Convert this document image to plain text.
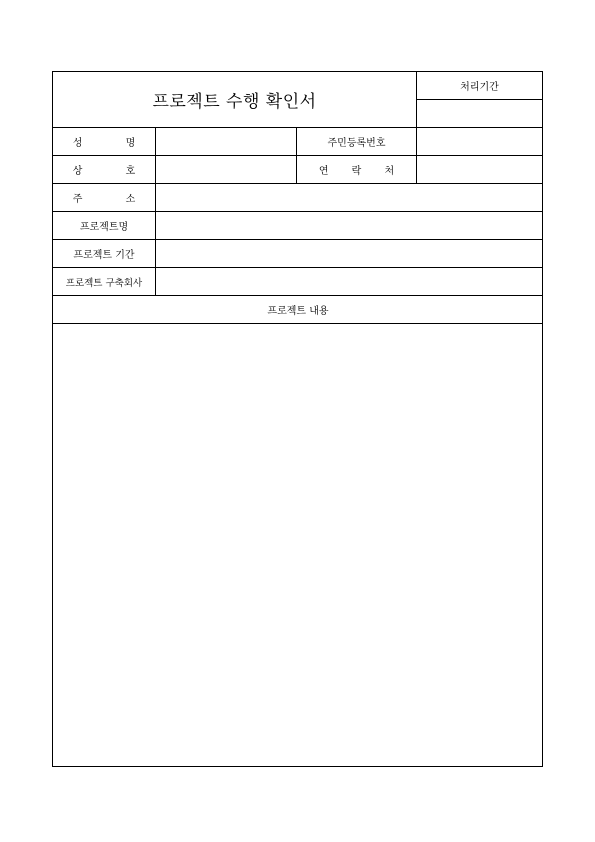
프로젝트 수행 확인서
처리기간
성 명	주민등록번호
상 호	연 락 처
주 소
프로젝트명
프로젝트 기간
프로젝트 구축회사
프로젝트 내용
